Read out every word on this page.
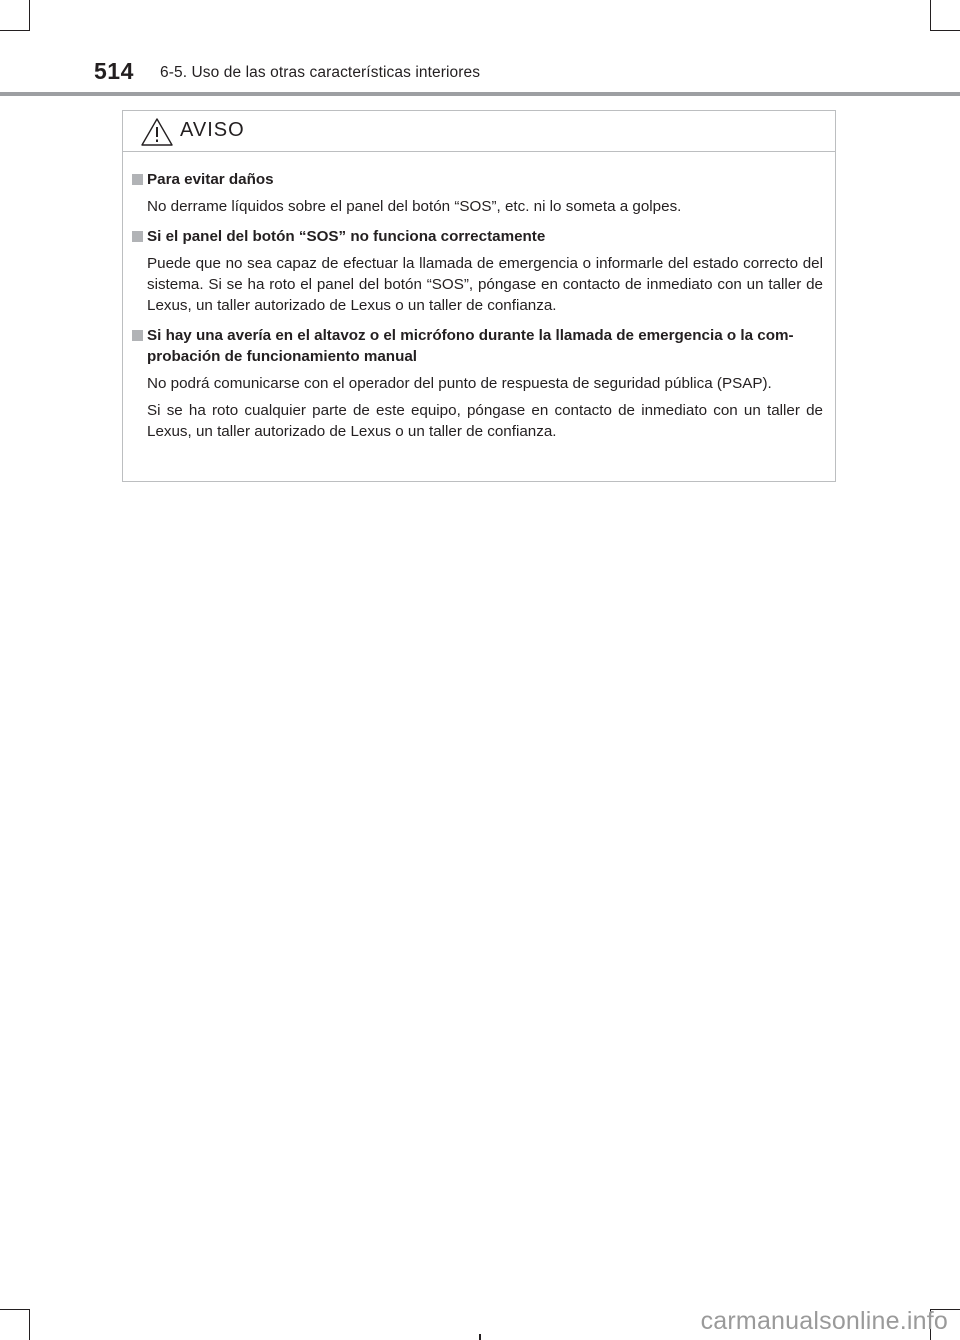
514 6-5. Uso de las otras características interiores
AVISO
Para evitar daños
No derrame líquidos sobre el panel del botón “SOS”, etc. ni lo someta a golpes.
Si el panel del botón “SOS” no funciona correctamente
Puede que no sea capaz de efectuar la llamada de emergencia o informarle del estado correcto del sistema. Si se ha roto el panel del botón “SOS”, póngase en contacto de inmediato con un taller de Lexus, un taller autorizado de Lexus o un taller de confianza.
Si hay una avería en el altavoz o el micrófono durante la llamada de emergencia o la comprobación de funcionamiento manual
No podrá comunicarse con el operador del punto de respuesta de seguridad pública (PSAP).
Si se ha roto cualquier parte de este equipo, póngase en contacto de inmediato con un taller de Lexus, un taller autorizado de Lexus o un taller de confianza.
carmanualsonline.info
